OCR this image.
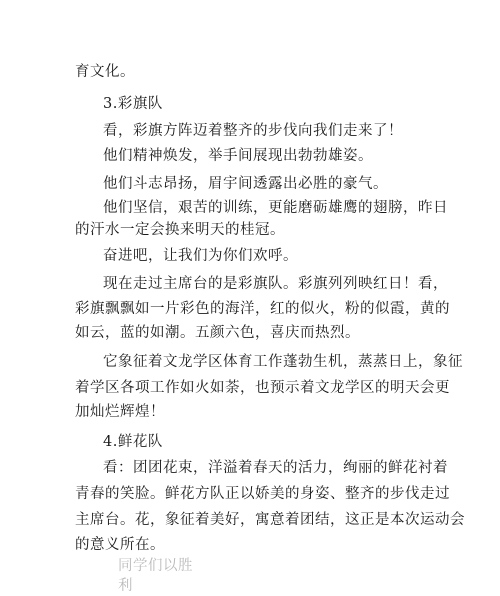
育文化。
3.彩旗队
看，彩旗方阵迈着整齐的步伐向我们走来了！
他们精神焕发，举手间展现出勃勃雄姿。
他们斗志昂扬，眉宇间透露出必胜的豪气。
他们坚信，艰苦的训练，更能磨砺雄鹰的翅膀，昨日
的汗水一定会换来明天的桂冠。
奋进吧，让我们为你们欢呼。
现在走过主席台的是彩旗队。彩旗列列映红日！看，
彩旗飘飘如一片彩色的海洋，红的似火，粉的似霞，黄的
如云，蓝的如潮。五颜六色，喜庆而热烈。
它象征着文龙学区体育工作蓬勃生机，蒸蒸日上，象征
着学区各项工作如火如荼，也预示着文龙学区的明天会更
加灿烂辉煌！
4.鲜花队
看：团团花束，洋溢着春天的活力，绚丽的鲜花衬着
青春的笑脸。鲜花方队正以娇美的身姿、整齐的步伐走过
主席台。花，象征着美好，寓意着团结，这正是本次运动会
的意义所在。
同学们以胜利
